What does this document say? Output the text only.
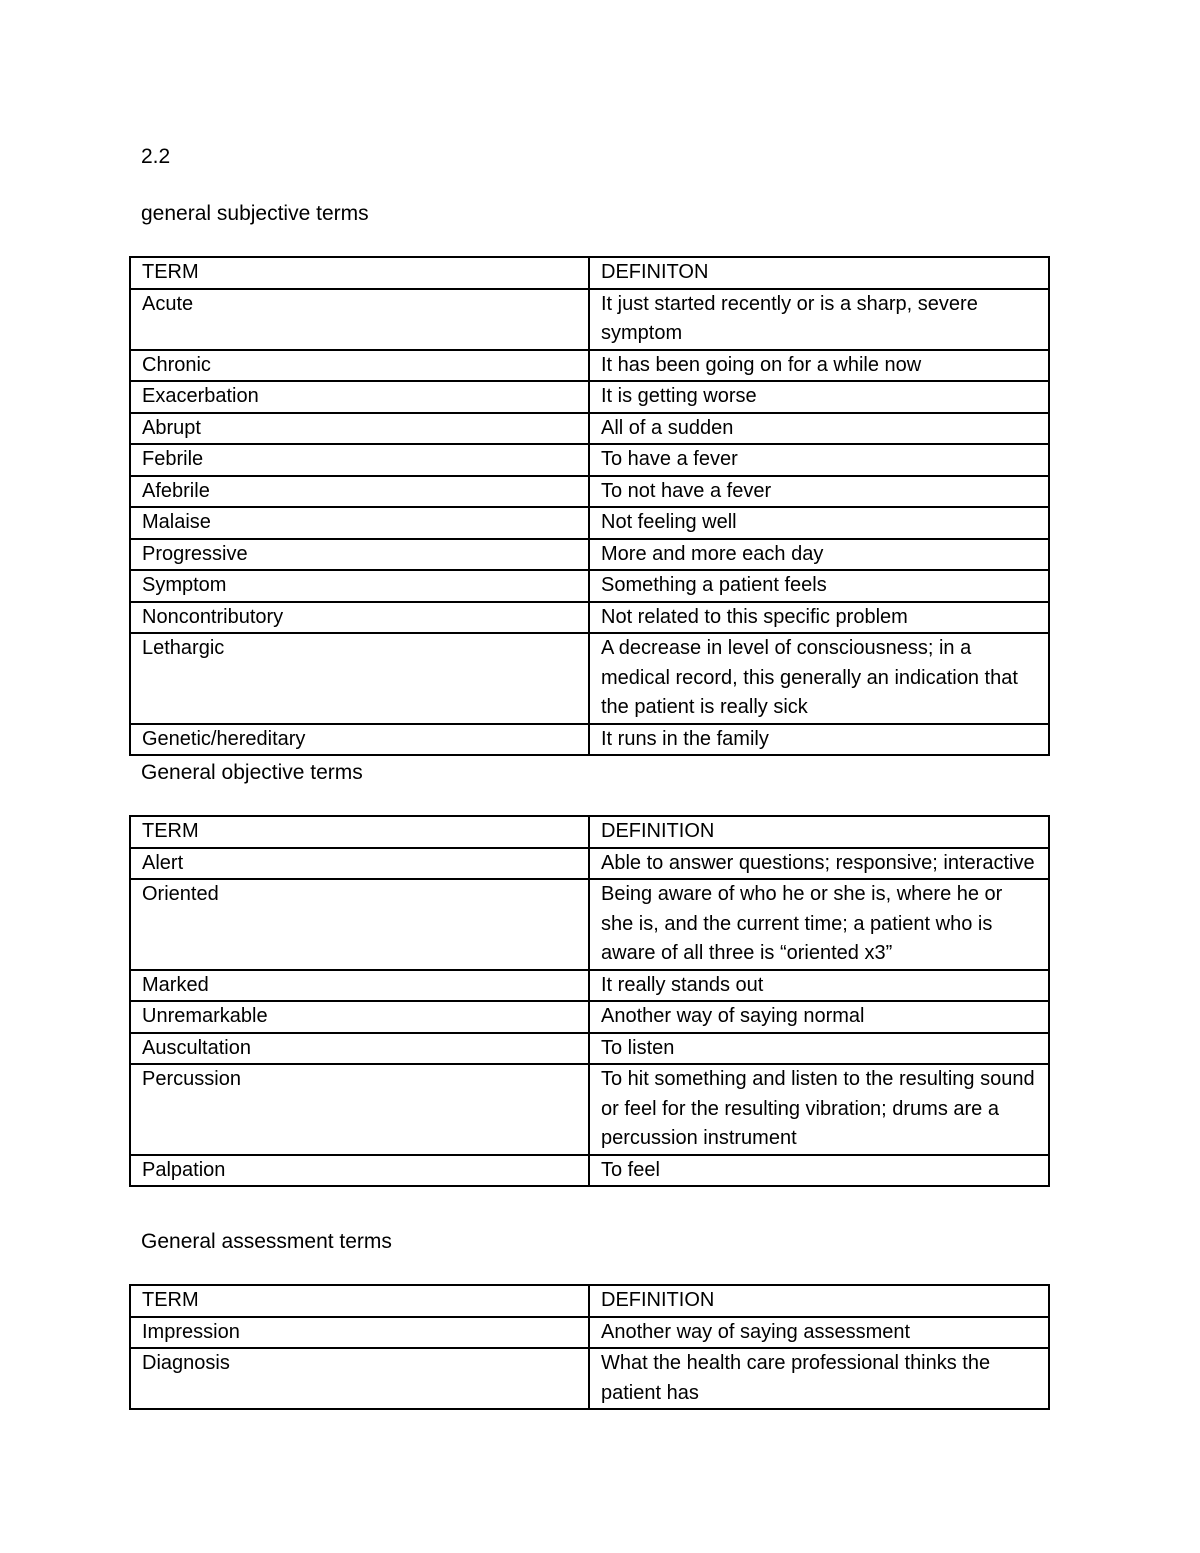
2.2
general subjective terms
TERM	DEFINITON
Acute	It just started recently or is a sharp, severe symptom
Chronic	It has been going on for a while now
Exacerbation	It is getting worse
Abrupt	All of a sudden
Febrile	To have a fever
Afebrile	To not have a fever
Malaise	Not feeling well
Progressive	More and more each day
Symptom	Something a patient feels
Noncontributory	Not related to this specific problem
Lethargic	A decrease in level of consciousness; in a medical record, this generally an indication that the patient is really sick
Genetic/hereditary	It runs in the family
General objective terms
TERM	DEFINITION
Alert	Able to answer questions; responsive; interactive
Oriented	Being aware of who he or she is, where he or she is, and the current time; a patient who is aware of all three is “oriented x3”
Marked	It really stands out
Unremarkable	Another way of saying normal
Auscultation	To listen
Percussion	To hit something and listen to the resulting sound or feel for the resulting vibration; drums are a percussion instrument
Palpation	To feel
General assessment terms
TERM	DEFINITION
Impression	Another way of saying assessment
Diagnosis	What the health care professional thinks the patient has
